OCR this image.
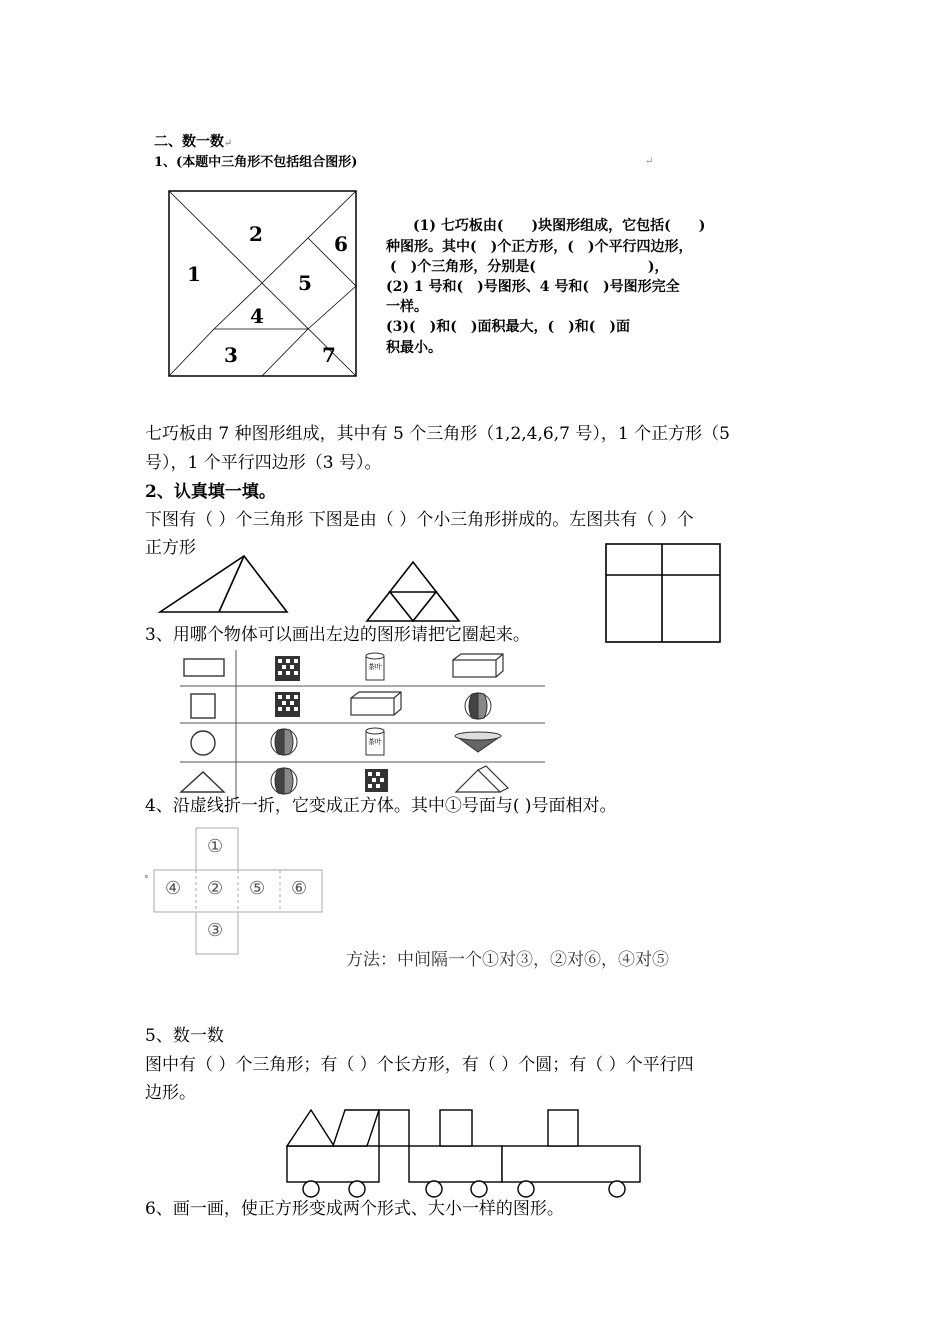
二、数一数↵
1、(本题中三角形不包括组合图形)	↵
1
2
3
4
5
6
7
(1) 七巧板由(　　)块图形组成，它包括(　　)
种图形。其中(　)个正方形，(　)个平行四边形，
(　)个三角形，分别是(　　　　　　　　)，
(2) 1 号和(　)号图形、4 号和(　)号图形完全
一样。
(3)(　)和(　)面积最大，(　)和(　)面
积最小。
七巧板由 7 种图形组成，其中有 5 个三角形（1,2,4,6,7 号），1 个正方形（5
号），1 个平行四边形（3 号）。
2、认真填一填。
下图有（ ）个三角形 下图是由（ ）个小三角形拼成的。左图共有（ ）个
正方形
3、用哪个物体可以画出左边的图形请把它圈起来。
茶叶
茶叶
4、沿虚线折一折，它变成正方体。其中①号面与( )号面相对。
①
②
③
④	⑤ ⑥
°
方法：中间隔一个①对③，②对⑥，④对⑤
5、数一数
图中有（ ）个三角形；有（ ）个长方形，有（ ）个圆；有（ ）个平行四
边形。
6、画一画，使正方形变成两个形式、大小一样的图形。
